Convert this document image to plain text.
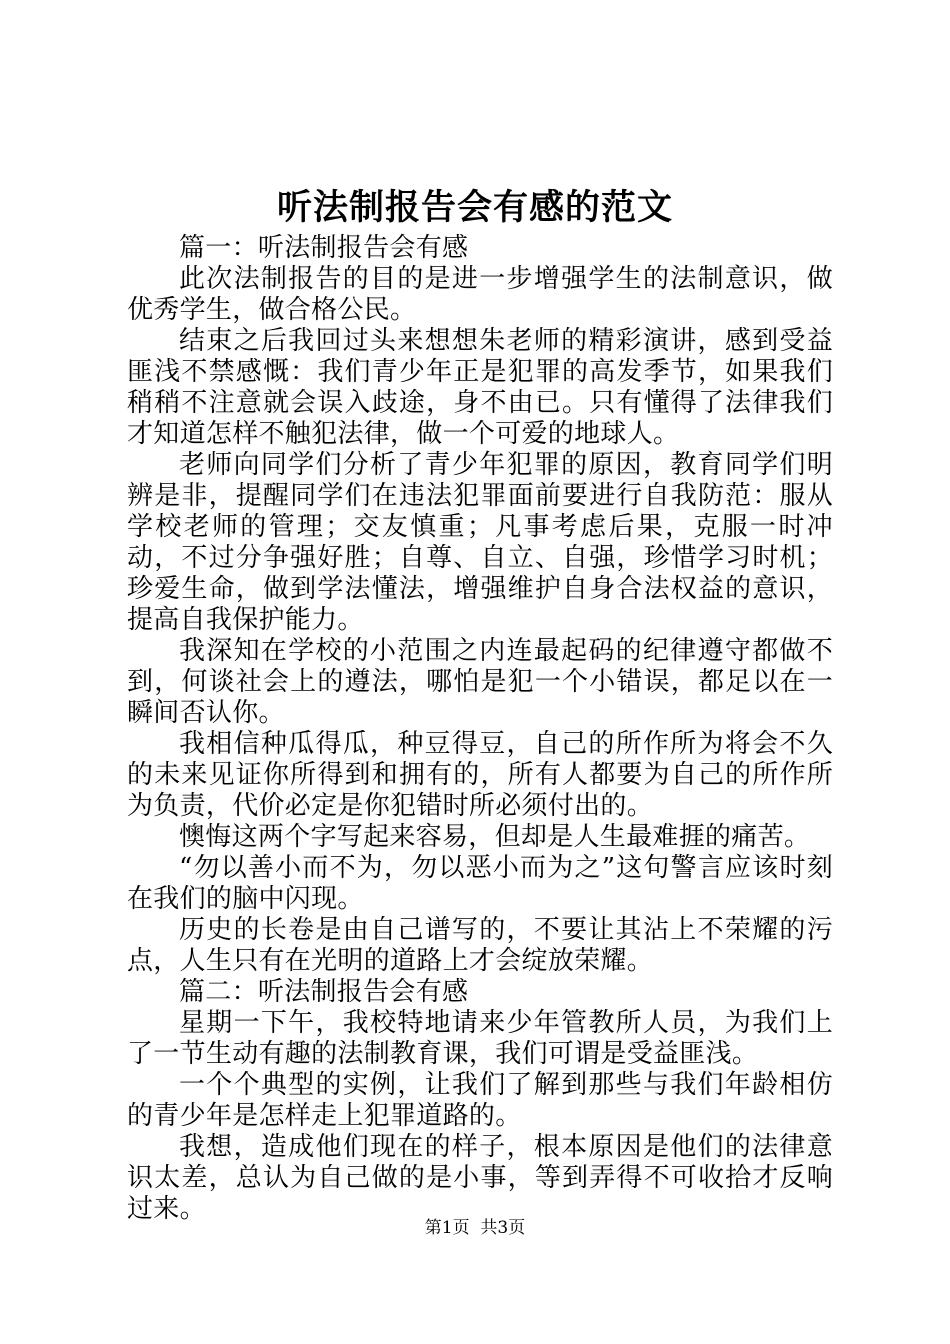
听法制报告会有感的范文

篇一：听法制报告会有感

此次法制报告的目的是进一步增强学生的法制意识，做优秀学生，做合格公民。

结束之后我回过头来想想朱老师的精彩演讲，感到受益匪浅不禁感慨：我们青少年正是犯罪的高发季节，如果我们稍稍不注意就会误入歧途，身不由已。只有懂得了法律我们才知道怎样不触犯法律，做一个可爱的地球人。

老师向同学们分析了青少年犯罪的原因，教育同学们明辨是非，提醒同学们在违法犯罪面前要进行自我防范：服从学校老师的管理；交友慎重；凡事考虑后果，克服一时冲动，不过分争强好胜；自尊、自立、自强，珍惜学习时机；珍爱生命，做到学法懂法，增强维护自身合法权益的意识，提高自我保护能力。

我深知在学校的小范围之内连最起码的纪律遵守都做不到，何谈社会上的遵法，哪怕是犯一个小错误，都足以在一瞬间否认你。

我相信种瓜得瓜，种豆得豆，自己的所作所为将会不久的未来见证你所得到和拥有的，所有人都要为自己的所作所为负责，代价必定是你犯错时所必须付出的。

懊悔这两个字写起来容易，但却是人生最难捱的痛苦。

“勿以善小而不为，勿以恶小而为之”这句警言应该时刻在我们的脑中闪现。

历史的长卷是由自己谱写的，不要让其沾上不荣耀的污点，人生只有在光明的道路上才会绽放荣耀。

篇二：听法制报告会有感

星期一下午，我校特地请来少年管教所人员，为我们上了一节生动有趣的法制教育课，我们可谓是受益匪浅。

一个个典型的实例，让我们了解到那些与我们年龄相仿的青少年是怎样走上犯罪道路的。

我想，造成他们现在的样子，根本原因是他们的法律意识太差，总认为自己做的是小事，等到弄得不可收拾才反响过来。

第1页 共3页
